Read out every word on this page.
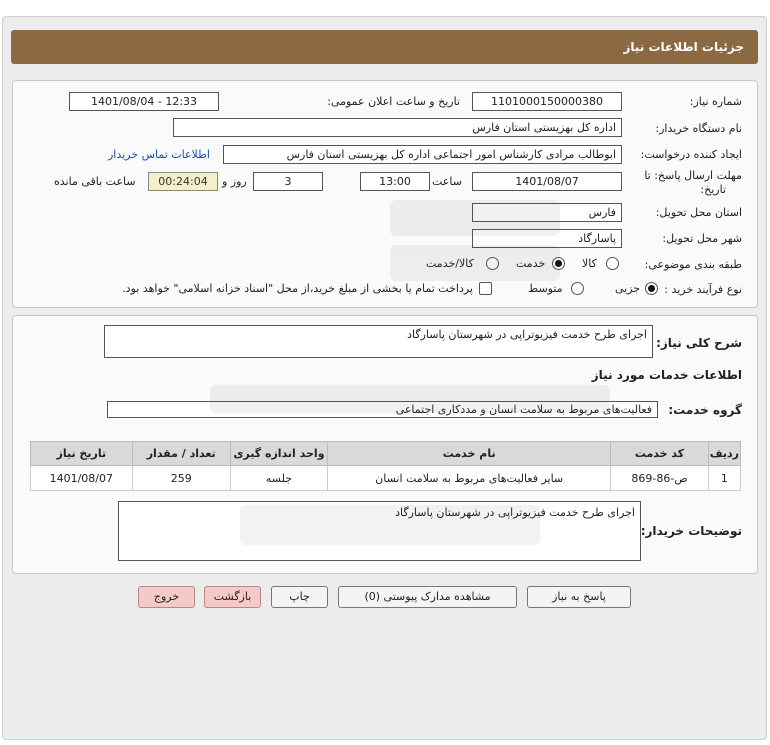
جزئیات اطلاعات نیاز
شماره نیاز:
1101000150000380
تاریخ و ساعت اعلان عمومی:
1401/08/04 - 12:33
نام دستگاه خریدار:
اداره کل بهزیستی استان فارس
ایجاد کننده درخواست:
ابوطالب مرادی کارشناس امور اجتماعی اداره کل بهزیستی استان فارس
اطلاعات تماس خریدار
مهلت ارسال پاسخ: تا
تاریخ:
1401/08/07
ساعت
13:00
3
روز و
00:24:04
ساعت باقی مانده
استان محل تحویل:
فارس
شهر محل تحویل:
پاسارگاد
طبقه بندی موضوعی:
کالا
خدمت
کالا/خدمت
نوع فرآیند خرید :
جزیی
متوسط
پرداخت تمام یا بخشی از مبلغ خرید،از محل "اسناد خزانه اسلامی" خواهد بود.
شرح کلی نیاز:
اجرای طرح خدمت فیزیوتراپی در شهرستان پاسارگاد
اطلاعات خدمات مورد نیاز
گروه خدمت:
فعالیت‌های مربوط به سلامت انسان و مددکاری اجتماعی
ردیف	کد خدمت	نام خدمت	واحد اندازه گیری	تعداد / مقدار	تاریخ نیاز
1	ص-86-869	سایر فعالیت‌های مربوط به سلامت انسان	جلسه	259	1401/08/07
توضیحات خریدار:
اجرای طرح خدمت فیزیوتراپی در شهرستان پاسارگاد
پاسخ به نیاز
مشاهده مدارک پیوستی (0)
چاپ
بازگشت
خروج
